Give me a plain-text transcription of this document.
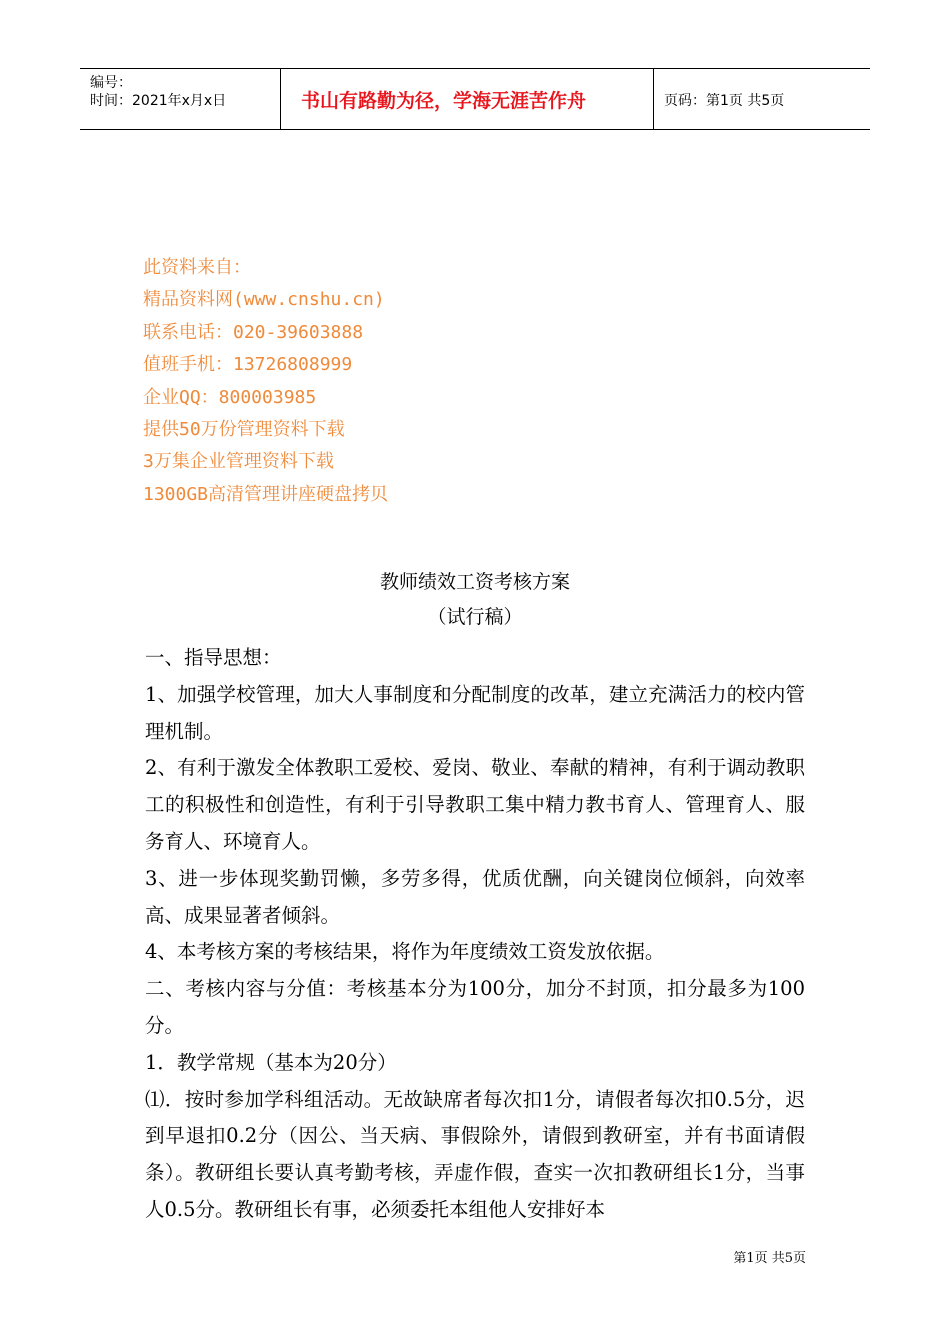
编号：
时间：2021年x月x日	书山有路勤为径，学海无涯苦作舟	页码：第1页 共5页
此资料来自：
精品资料网(www.cnshu.cn)
联系电话：020-39603888
值班手机：13726808999
企业QQ：800003985
提供50万份管理资料下载
3万集企业管理资料下载
1300GB高清管理讲座硬盘拷贝
教师绩效工资考核方案
（试行稿）

一、指导思想：

1、加强学校管理，加大人事制度和分配制度的改革，建立充满活力的校内管理机制。

2、有利于激发全体教职工爱校、爱岗、敬业、奉献的精神，有利于调动教职工的积极性和创造性，有利于引导教职工集中精力教书育人、管理育人、服务育人、环境育人。

3、进一步体现奖勤罚懒，多劳多得，优质优酬，向关键岗位倾斜，向效率高、成果显著者倾斜。

4、本考核方案的考核结果，将作为年度绩效工资发放依据。

二、考核内容与分值：考核基本分为100分，加分不封顶，扣分最多为100分。

1．教学常规（基本为20分）

⑴．按时参加学科组活动。无故缺席者每次扣1分，请假者每次扣0.5分，迟到早退扣0.2分（因公、当天病、事假除外，请假到教研室，并有书面请假条）。教研组长要认真考勤考核，弄虚作假，查实一次扣教研组长1分，当事人0.5分。教研组长有事，必须委托本组他人安排好本

第1页 共5页
